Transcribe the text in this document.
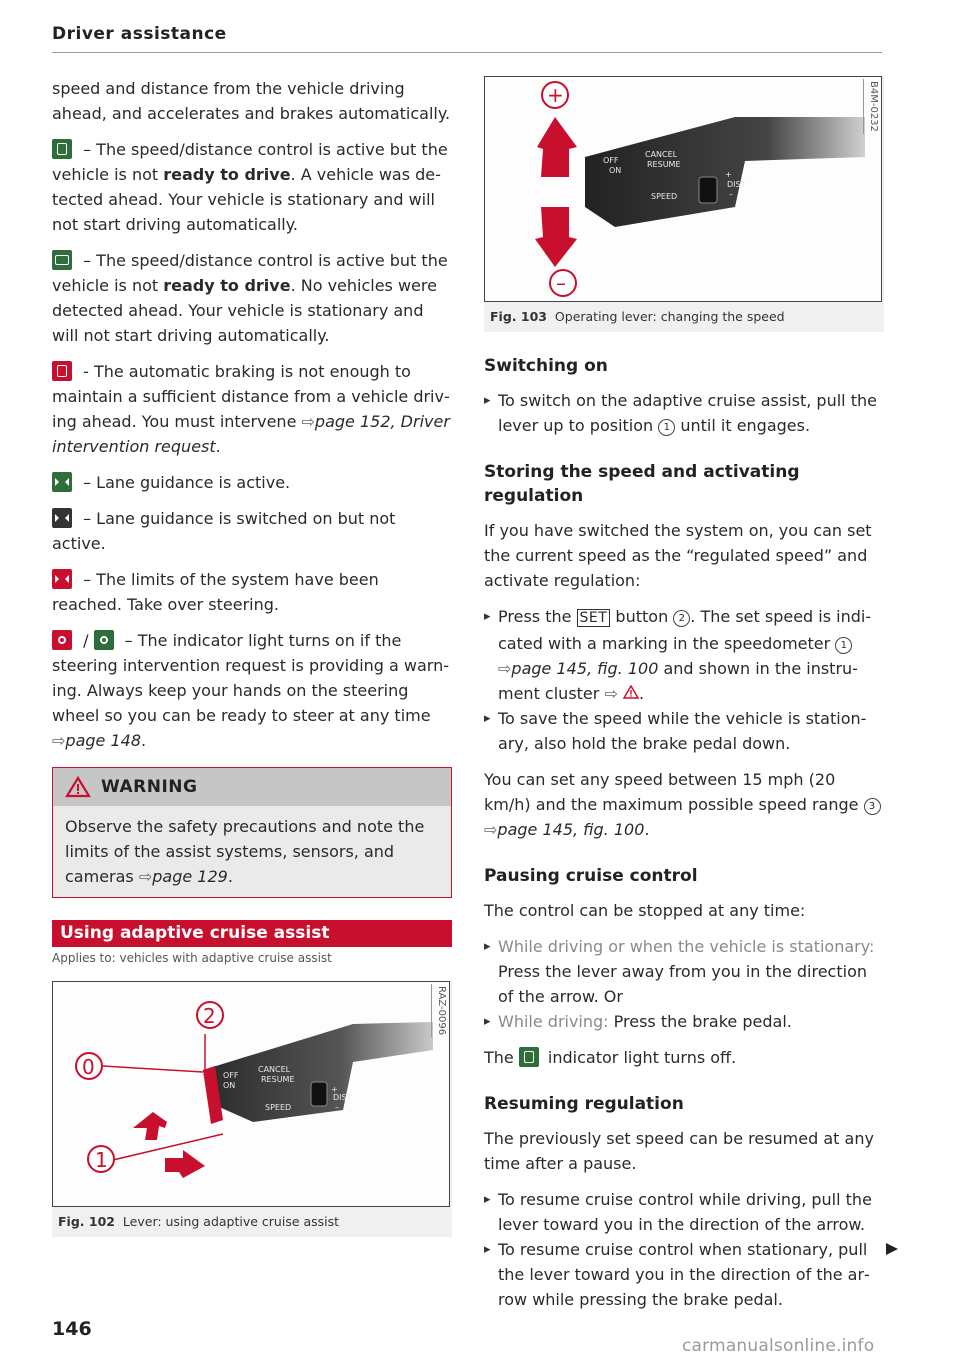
Driver assistance

speed and distance from the vehicle driving ahead, and accelerates and brakes automatically.

– The speed/distance control is active but the vehicle is not ready to drive. A vehicle was detected ahead. Your vehicle is stationary and will not start driving automatically.

– The speed/distance control is active but the vehicle is not ready to drive. No vehicles were detected ahead. Your vehicle is stationary and will not start driving automatically.

- The automatic braking is not enough to maintain a sufficient distance from a vehicle driving ahead. You must intervene ⇨page 152, Driver intervention request.

– Lane guidance is active.

– Lane guidance is switched on but not active.

– The limits of the system have been reached. Take over steering.

/
– The indicator light turns on if the steering intervention request is providing a warning. Always keep your hands on the steering wheel so you can be ready to steer at any time ⇨page 148.

WARNING
Observe the safety precautions and note the limits of the assist systems, sensors, and cameras ⇨page 129.
Using adaptive cruise assist
Applies to: vehicles with adaptive cruise assist
RAZ-0096
OFF
ON
CANCEL
RESUME
SPEED
+
DIST
–
2
0
1
Fig. 102 Lever: using adaptive cruise assist
B4M-0232
OFF
ON
CANCEL
RESUME
SPEED
+
DIST
–
+
–
Fig. 103 Operating lever: changing the speed
Switching on
▸ To switch on the adaptive cruise assist, pull the lever up to position 1 until it engages.
Storing the speed and activating regulation

If you have switched the system on, you can set the current speed as the “regulated speed” and activate regulation:

▸ Press the SET button 2 . The set speed is indicated with a marking in the speedometer 1 ⇨page 145, fig. 100 and shown in the instrument cluster ⇨ .
▸ To save the speed while the vehicle is stationary, also hold the brake pedal down.

You can set any speed between 15 mph (20 km/h) and the maximum possible speed range 3 ⇨page 145, fig. 100.

Pausing cruise control

The control can be stopped at any time:

▸ While driving or when the vehicle is stationary: Press the lever away from you in the direction of the arrow. Or
▸ While driving: Press the brake pedal.

The
indicator light turns off.

Resuming regulation

The previously set speed can be resumed at any time after a pause.

▸ To resume cruise control while driving, pull the lever toward you in the direction of the arrow.
▸ To resume cruise control when stationary, pull the lever toward you in the direction of the arrow while pressing the brake pedal.
146
carmanualsonline.info
